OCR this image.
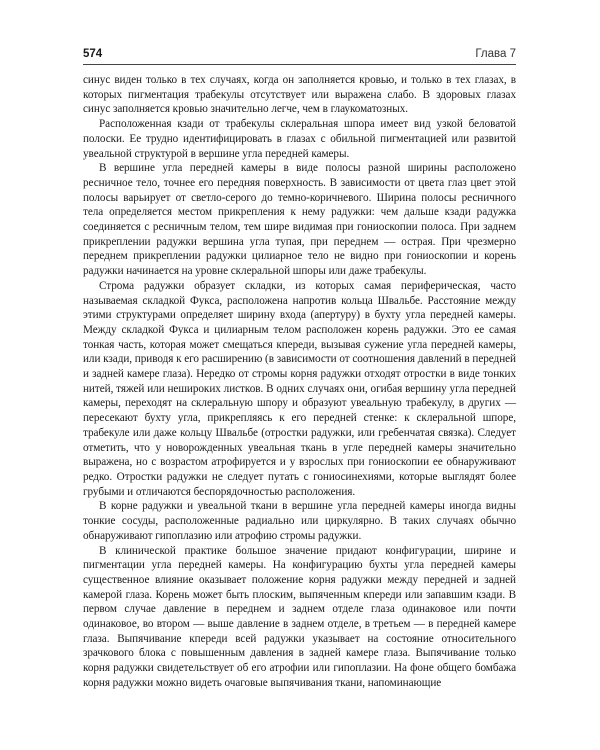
574	Глава 7

синус виден только в тех случаях, когда он заполняется кровью, и только в тех глазах, в которых пигментация трабекулы отсутствует или выражена слабо. В здоровых глазах синус заполняется кровью значительно легче, чем в глаукоматозных.

Расположенная кзади от трабекулы склеральная шпора имеет вид узкой беловатой полоски. Ее трудно идентифицировать в глазах с обильной пигментацией или развитой увеальной структурой в вершине угла передней камеры.

В вершине угла передней камеры в виде полосы разной ширины расположено ресничное тело, точнее его передняя поверхность. В зависимости от цвета глаз цвет этой полосы варьирует от светло-серого до темно-коричневого. Ширина полосы ресничного тела определяется местом прикрепления к нему радужки: чем дальше кзади радужка соединяется с ресничным телом, тем шире видимая при гониоскопии полоса. При заднем прикреплении радужки вершина угла тупая, при переднем — острая. При чрезмерно переднем прикреплении радужки цилиарное тело не видно при гониоскопии и корень радужки начинается на уровне склеральной шпоры или даже трабекулы.

Строма радужки образует складки, из которых самая периферическая, часто называемая складкой Фукса, расположена напротив кольца Швальбе. Расстояние между этими структурами определяет ширину входа (апертуру) в бухту угла передней камеры. Между складкой Фукса и цилиарным телом расположен корень радужки. Это ее самая тонкая часть, которая может смещаться кпереди, вызывая сужение угла передней камеры, или кзади, приводя к его расширению (в зависимости от соотношения давлений в передней и задней камере глаза). Нередко от стромы корня радужки отходят отростки в виде тонких нитей, тяжей или нешироких листков. В одних случаях они, огибая вершину угла передней камеры, переходят на склеральную шпору и образуют увеальную трабекулу, в других — пересекают бухту угла, прикрепляясь к его передней стенке: к склеральной шпоре, трабекуле или даже кольцу Швальбе (отростки радужки, или гребенчатая связка). Следует отметить, что у новорожденных увеальная ткань в угле передней камеры значительно выражена, но с возрастом атрофируется и у взрослых при гониоскопии ее обнаруживают редко. Отростки радужки не следует путать с гониосинехиями, которые выглядят более грубыми и отличаются беспорядочностью расположения.

В корне радужки и увеальной ткани в вершине угла передней камеры иногда видны тонкие сосуды, расположенные радиально или циркулярно. В таких случаях обычно обнаруживают гипоплазию или атрофию стромы радужки.

В клинической практике большое значение придают конфигурации, ширине и пигментации угла передней камеры. На конфигурацию бухты угла передней камеры существенное влияние оказывает положение корня радужки между передней и задней камерой глаза. Корень может быть плоским, выпяченным кпереди или запавшим кзади. В первом случае давление в переднем и заднем отделе глаза одинаковое или почти одинаковое, во втором — выше давление в заднем отделе, в третьем — в передней камере глаза. Выпячивание кпереди всей радужки указывает на состояние относительного зрачкового блока с повышенным давления в задней камере глаза. Выпячивание только корня радужки свидетельствует об его атрофии или гипоплазии. На фоне общего бомбажа корня радужки можно видеть очаговые выпячивания ткани, напоминающие
